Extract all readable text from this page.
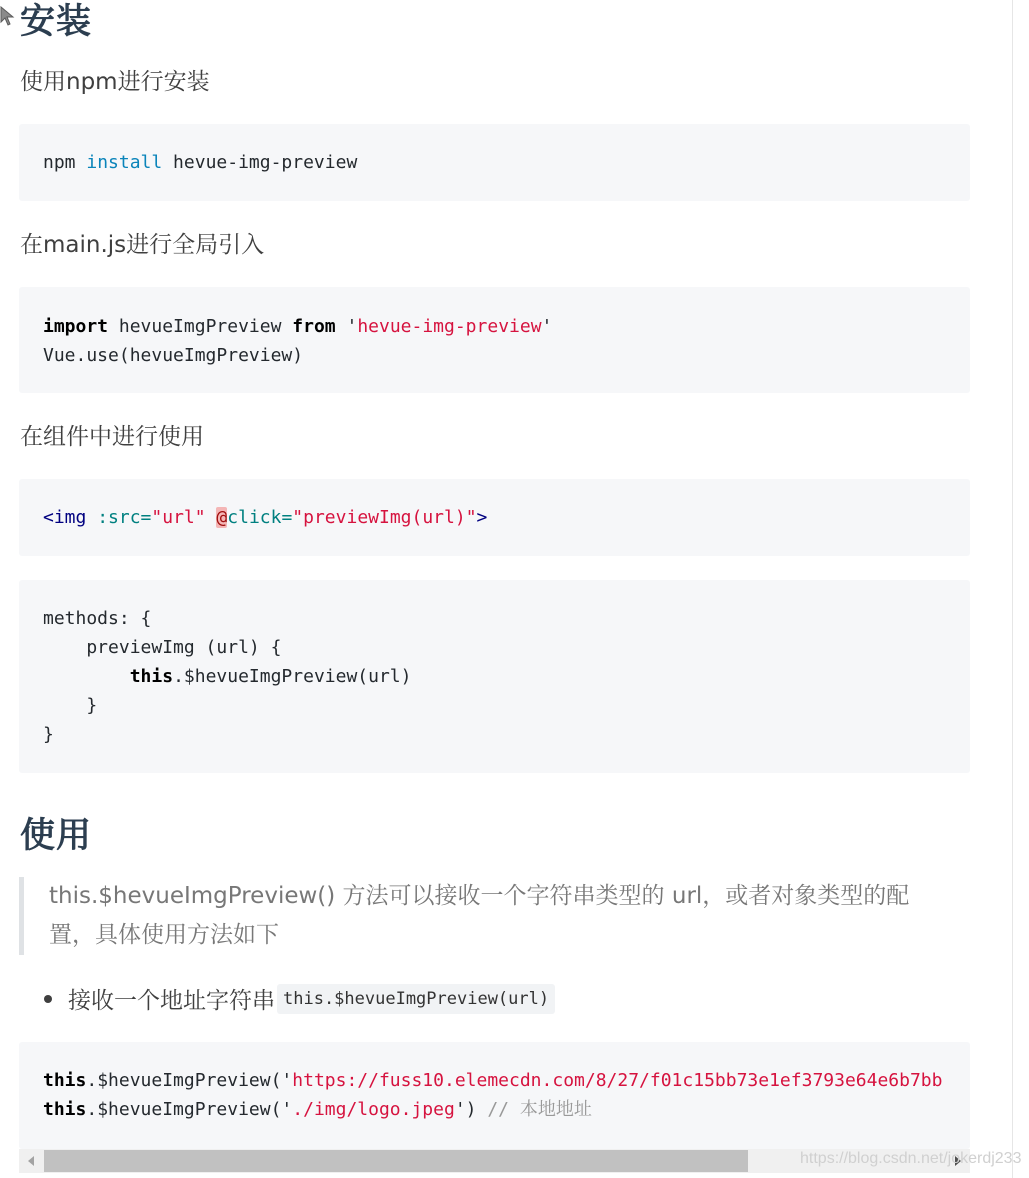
安装

使用npm进行安装

npm install hevue-img-preview

在main.js进行全局引入

import hevueImgPreview from 'hevue-img-preview'
Vue.use(hevueImgPreview)

在组件中进行使用

<img :src="url" @click="previewImg(url)">
methods: {
previewImg (url) {
this.$hevueImgPreview(url)
}
}
使用
this.$hevueImgPreview() 方法可以接收一个字符串类型的 url，或者对象类型的配
置，具体使用方法如下
接收一个地址字符串 this.$hevueImgPreview(url)
this.$hevueImgPreview('https://fuss10.elemecdn.com/8/27/f01c15bb73e1ef3793e64e6b7bb
this.$hevueImgPreview('./img/logo.jpeg') // 本地地址
https://blog.csdn.net/jokerdj233
